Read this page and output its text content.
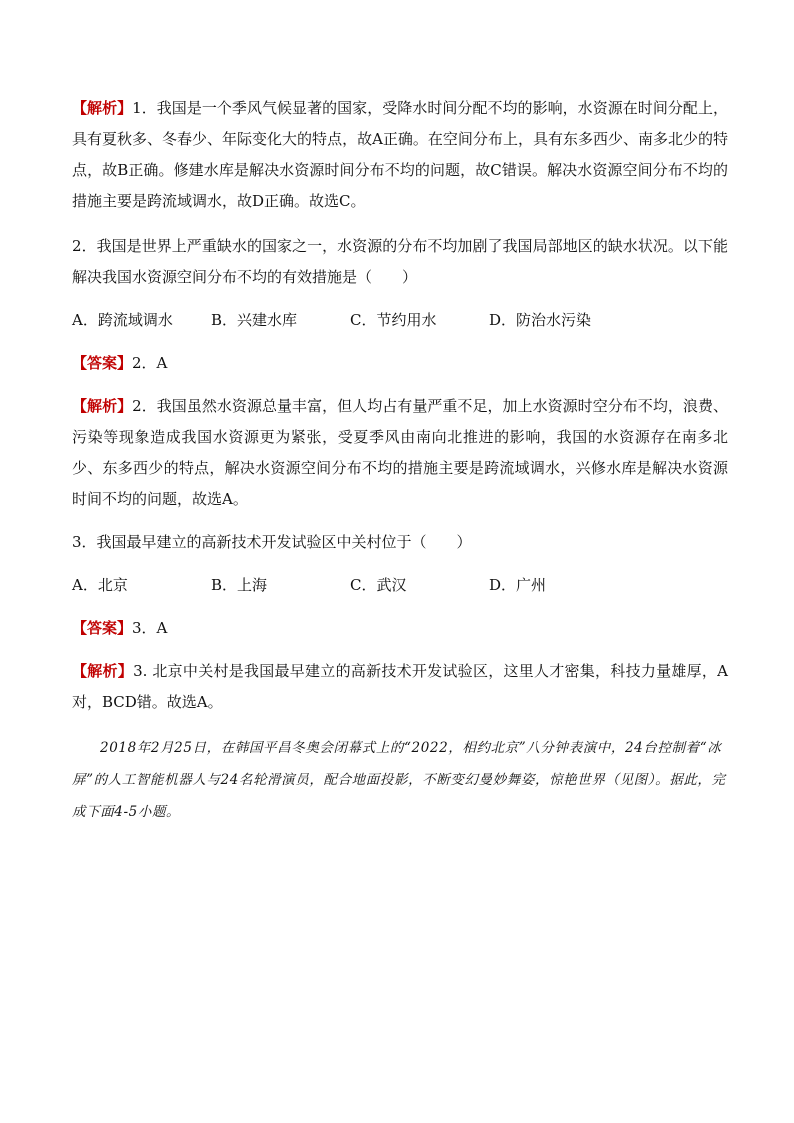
【解析】1．我国是一个季风气候显著的国家，受降水时间分配不均的影响，水资源在时间分配上，具有夏秋多、冬春少、年际变化大的特点，故A正确。在空间分布上，具有东多西少、南多北少的特点，故B正确。修建水库是解决水资源时间分布不均的问题，故C错误。解决水资源空间分布不均的措施主要是跨流域调水，故D正确。故选C。

2．我国是世界上严重缺水的国家之一，水资源的分布不均加剧了我国局部地区的缺水状况。以下能解决我国水资源空间分布不均的有效措施是（　　）

A．跨流域调水	B．兴建水库	C．节约用水	D．防治水污染

【答案】2．A

【解析】2．我国虽然水资源总量丰富，但人均占有量严重不足，加上水资源时空分布不均，浪费、污染等现象造成我国水资源更为紧张，受夏季风由南向北推进的影响，我国的水资源存在南多北少、东多西少的特点，解决水资源空间分布不均的措施主要是跨流域调水，兴修水库是解决水资源时间不均的问题，故选A。

3．我国最早建立的高新技术开发试验区中关村位于（　　）

A．北京	B．上海	C．武汉	D．广州

【答案】3．A

【解析】3. 北京中关村是我国最早建立的高新技术开发试验区，这里人才密集，科技力量雄厚，A对，BCD错。故选A。

2018年2月25日，在韩国平昌冬奥会闭幕式上的“2022，相约北京”八分钟表演中，24台控制着“冰屏”的人工智能机器人与24名轮滑演员，配合地面投影，不断变幻曼妙舞姿，惊艳世界（见图）。据此，完成下面4-5小题。
